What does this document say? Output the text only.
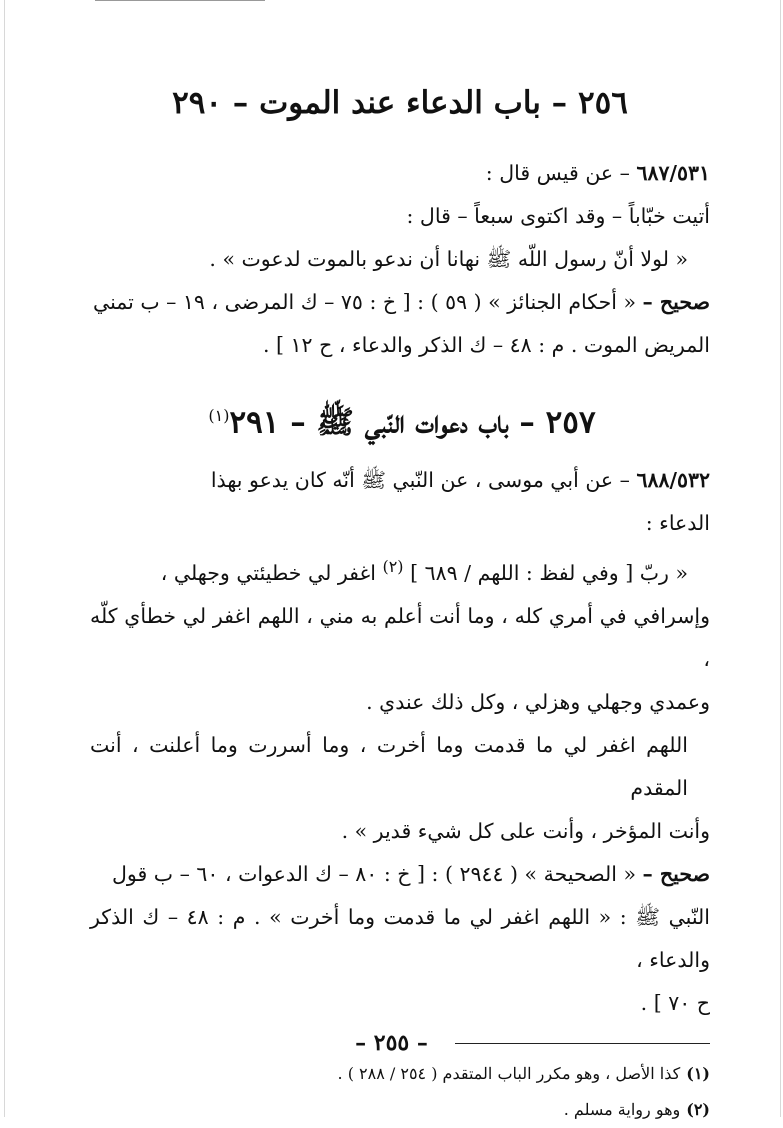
٢٥٦ – باب الدعاء عند الموت – ٢٩٠

٦٨٧/٥٣١ – عن قيس قال :

أتيت خبّاباً – وقد اكتوى سبعاً – قال :

« لولا أنّ رسول اللّه ﷺ نهانا أن ندعو بالموت لدعوت » .

صحيح – « أحكام الجنائز » ( ٥٩ ) : [ خ : ٧٥ – ك المرضى ، ١٩ – ب تمني

المريض الموت . م : ٤٨ – ك الذكر والدعاء ، ح ١٢ ] .

٢٥٧ – باب دعوات النّبي ﷺ – ٢٩١$^{(١)}$

٦٨٨/٥٣٢ – عن أبي موسى ، عن النّبي ﷺ أنّه كان يدعو بهذا

الدعاء :

« ربّ [ وفي لفظ : اللهم / ٦٨٩ ] $^{(٢)}$ اغفر لي خطيئتي وجهلي ،

وإسرافي في أمري كله ، وما أنت أعلم به مني ، اللهم اغفر لي خطأي كلّه ،

وعمدي وجهلي وهزلي ، وكل ذلك عندي .

اللهم اغفر لي ما قدمت وما أخرت ، وما أسررت وما أعلنت ، أنت المقدم

وأنت المؤخر ، وأنت على كل شيء قدير » .

صحيح – « الصحيحة » ( ٢٩٤٤ ) : [ خ : ٨٠ – ك الدعوات ، ٦٠ – ب قول

النّبي ﷺ : « اللهم اغفر لي ما قدمت وما أخرت » . م : ٤٨ – ك الذكر والدعاء ،

ح ٧٠ ] .

(١)كذا الأصل ، وهو مكرر الباب المتقدم ( ٢٥٤ / ٢٨٨ ) .

(٢)وهو رواية مسلم .

– ٢٥٥ –
